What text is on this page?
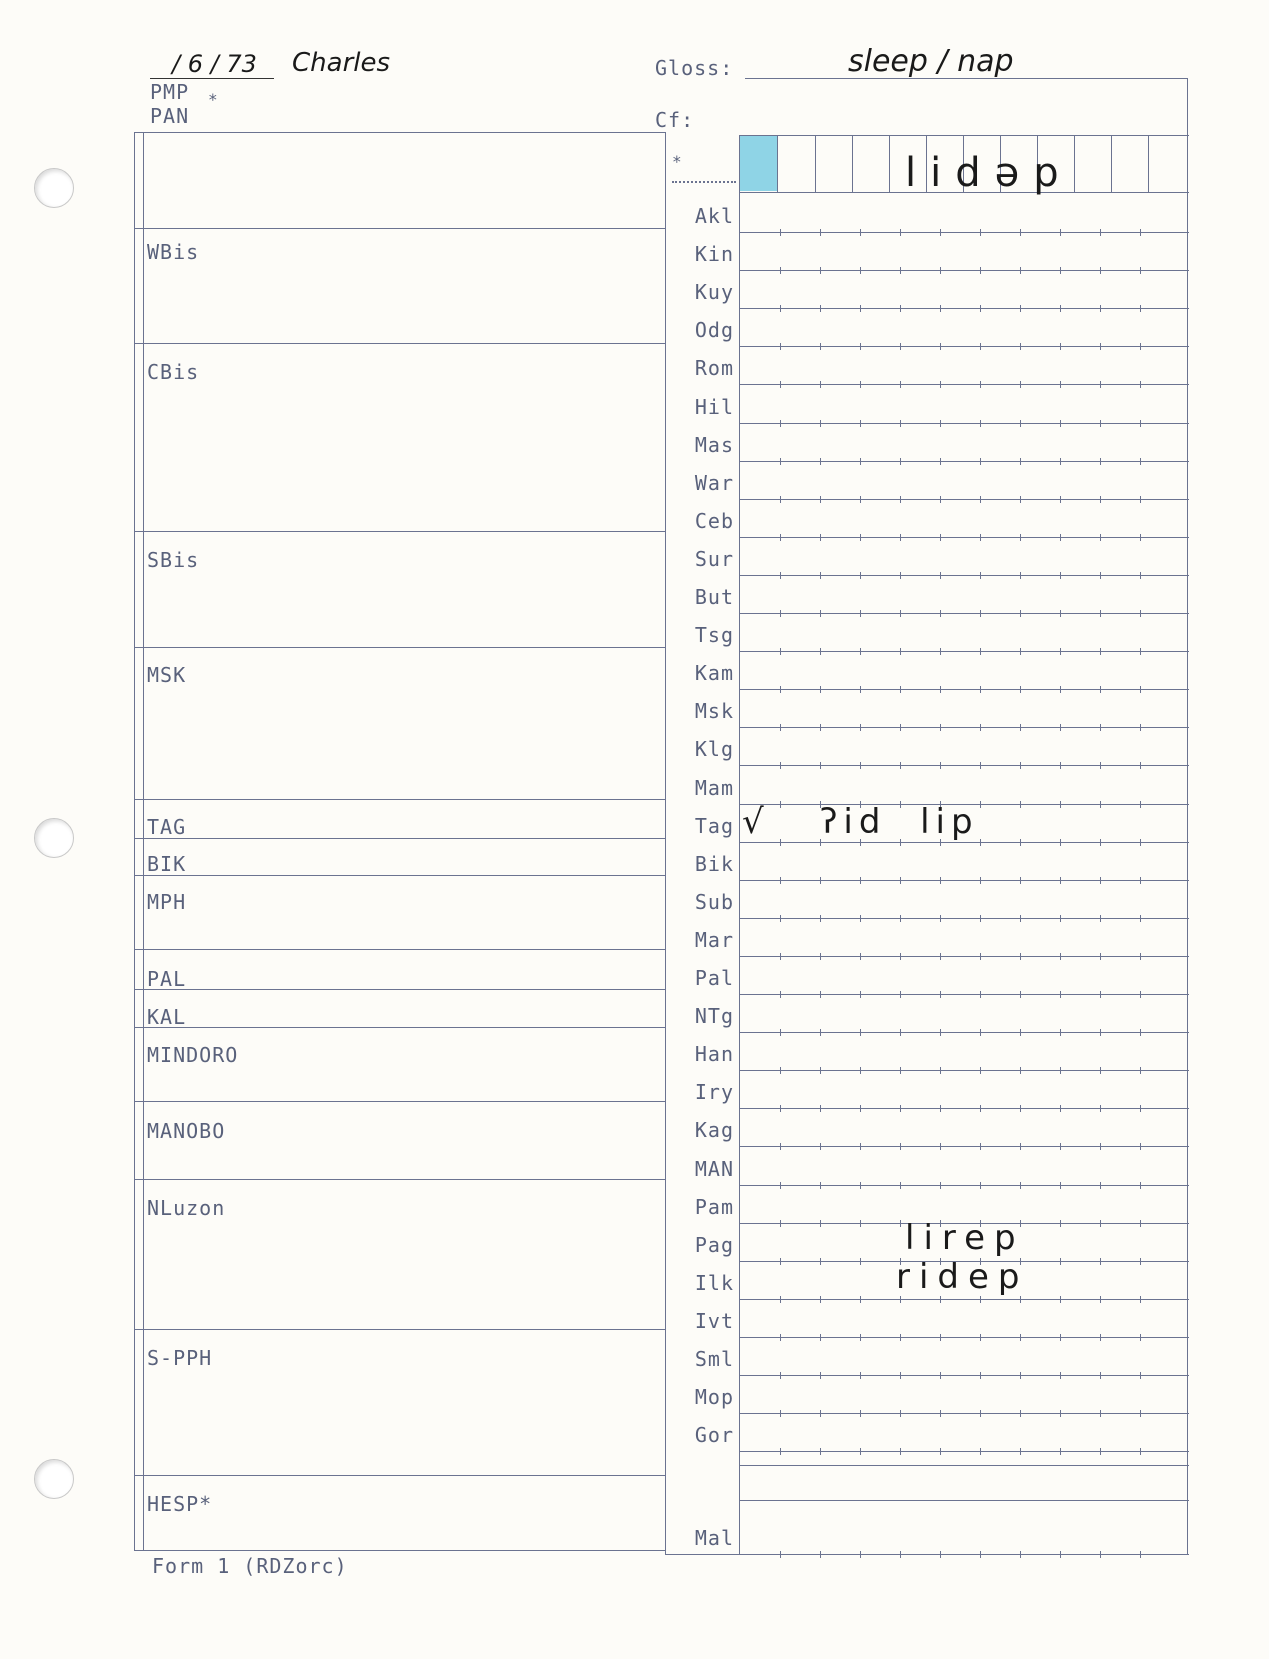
/ 6 / 73 Charles
PMP *
PAN
Gloss:	sleep / nap
Cf:
WBis
CBis
SBis
MSK
TAG
BIK
MPH
PAL
KAL
MINDORO
MANOBO
NLuzon
S-PPH
HESP*
*	lidəp
Akl
Kin
Kuy
Odg
Rom
Hil
Mas
War
Ceb
Sur
But
Tsg
Kam
Msk
Klg
Mam
Tag
Bik
Sub
Mar
Pal
NTg
Han
Iry
Kag
MAN
Pam
Pag
Ilk
Ivt
Sml
Mop
Gor
Mal
√   ʔid  lip
lirep
ridep
Form 1 (RDZorc)
